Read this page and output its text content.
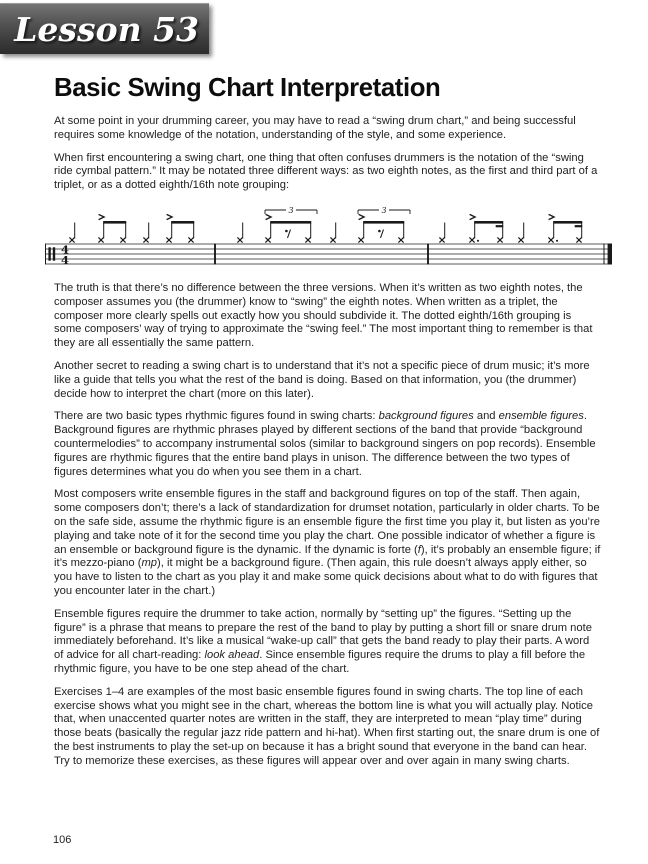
Lesson 53
Basic Swing Chart Interpretation

At some point in your drumming career, you may have to read a “swing drum chart,” and being successful requires some knowledge of the notation, understanding of the style, and some experience.

When first encountering a swing chart, one thing that often confuses drummers is the notation of the “swing ride cymbal pattern.” It may be notated three different ways: as two eighth notes, as the first and third part of a triplet, or as a dotted eighth/16th note grouping:

4
4
3	3

The truth is that there’s no difference between the three versions. When it’s written as two eighth notes, the composer assumes you (the drummer) know to “swing” the eighth notes. When written as a triplet, the composer more clearly spells out exactly how you should subdivide it. The dotted eighth/16th grouping is some composers’ way of trying to approximate the “swing feel.” The most important thing to remember is that they are all essentially the same pattern.

Another secret to reading a swing chart is to understand that it’s not a specific piece of drum music; it’s more like a guide that tells you what the rest of the band is doing. Based on that information, you (the drummer) decide how to interpret the chart (more on this later).

There are two basic types rhythmic figures found in swing charts: background figures and ensemble figures. Background figures are rhythmic phrases played by different sections of the band that provide “background countermelodies” to accompany instrumental solos (similar to background singers on pop records). Ensemble figures are rhythmic figures that the entire band plays in unison. The difference between the two types of figures determines what you do when you see them in a chart.

Most composers write ensemble figures in the staff and background figures on top of the staff. Then again, some composers don’t; there’s a lack of standardization for drumset notation, particularly in older charts. To be on the safe side, assume the rhythmic figure is an ensemble figure the first time you play it, but listen as you’re playing and take note of it for the second time you play the chart. One possible indicator of whether a figure is an ensemble or background figure is the dynamic. If the dynamic is forte (f), it’s probably an ensemble figure; if it’s mezzo-piano (mp), it might be a background figure. (Then again, this rule doesn’t always apply either, so you have to listen to the chart as you play it and make some quick decisions about what to do with figures that you encounter later in the chart.)

Ensemble figures require the drummer to take action, normally by “setting up” the figures. “Setting up the figure” is a phrase that means to prepare the rest of the band to play by putting a short fill or snare drum note immediately beforehand. It’s like a musical “wake-up call” that gets the band ready to play their parts. A word of advice for all chart-reading: look ahead. Since ensemble figures require the drums to play a fill before the rhythmic figure, you have to be one step ahead of the chart.

Exercises 1–4 are examples of the most basic ensemble figures found in swing charts. The top line of each exercise shows what you might see in the chart, whereas the bottom line is what you will actually play. Notice that, when unaccented quarter notes are written in the staff, they are interpreted to mean “play time” during those beats (basically the regular jazz ride pattern and hi-hat). When first starting out, the snare drum is one of the best instruments to play the set-up on because it has a bright sound that everyone in the band can hear. Try to memorize these exercises, as these figures will appear over and over again in many swing charts.

106
